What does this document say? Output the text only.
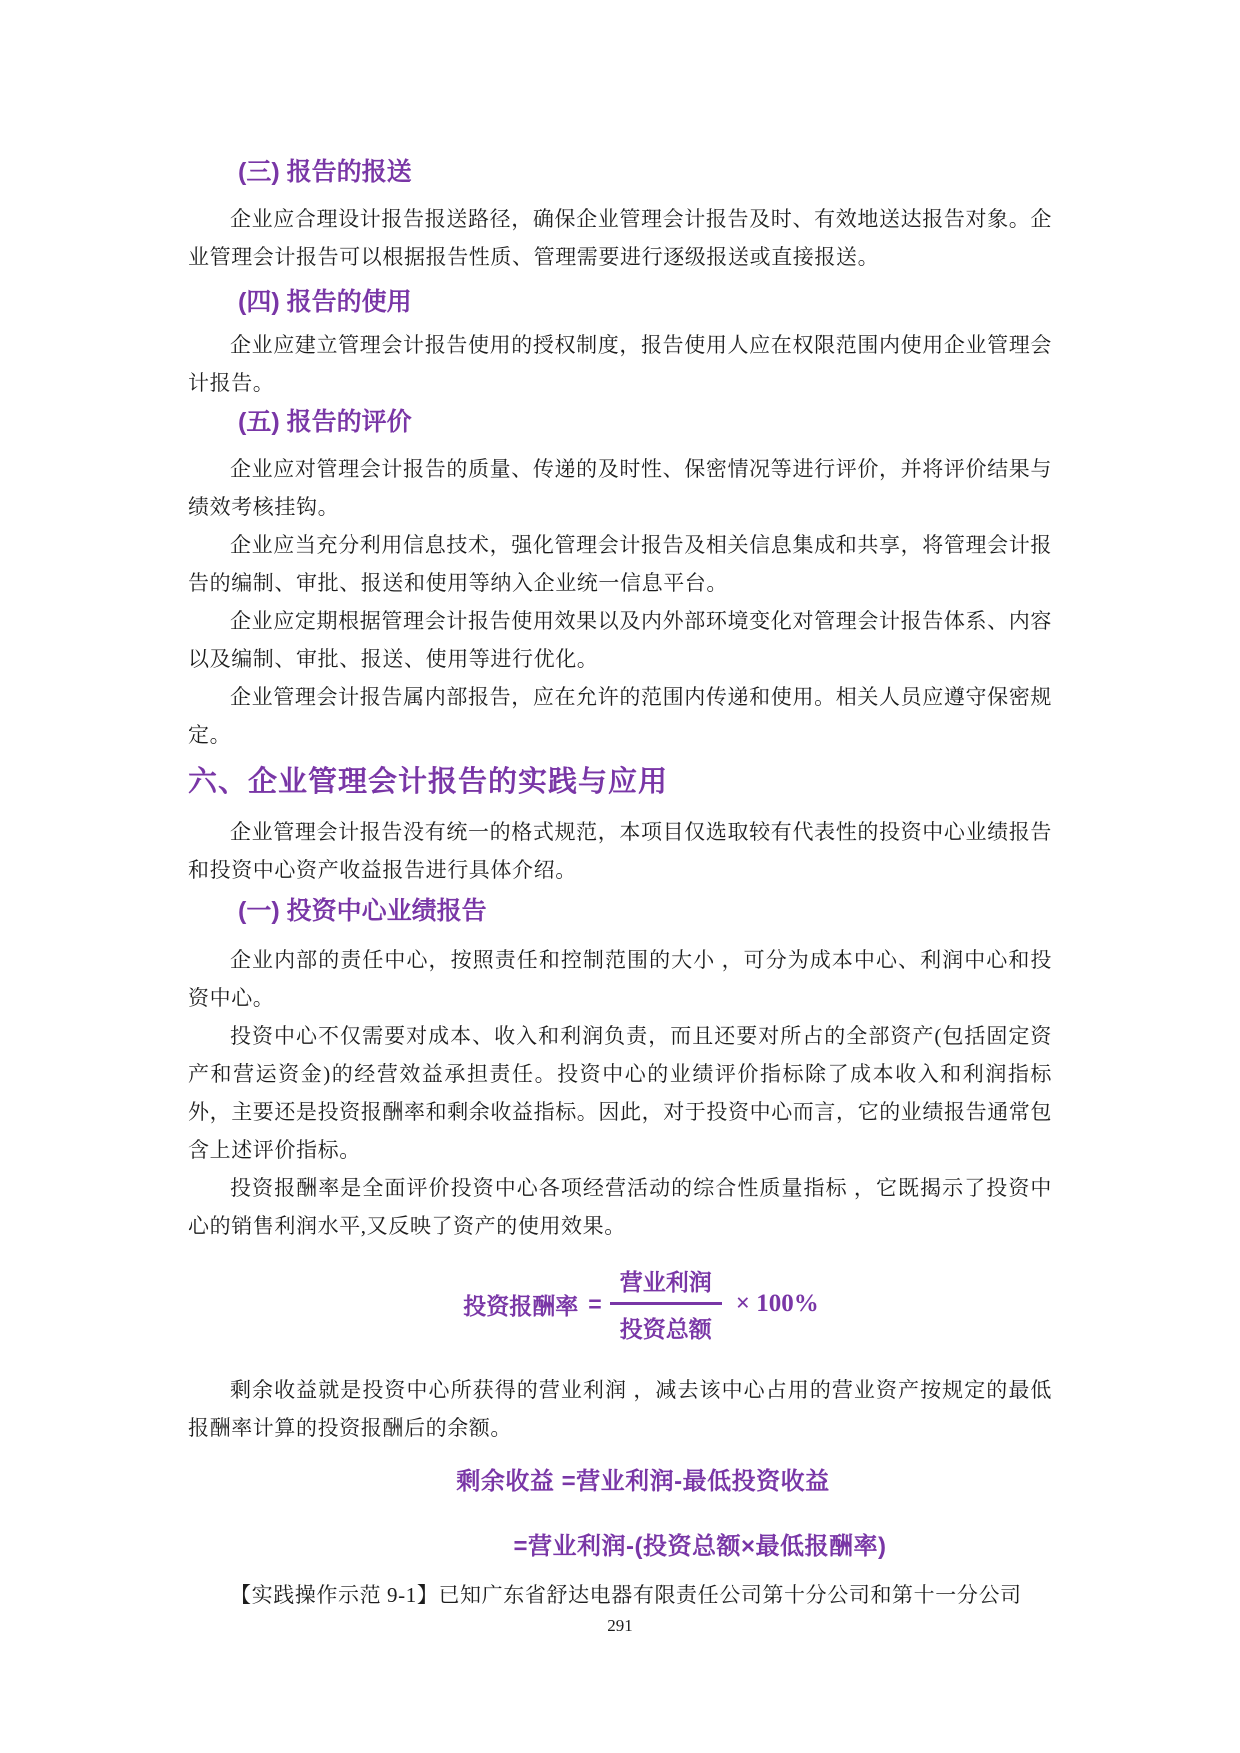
(三) 报告的报送

企业应合理设计报告报送路径，确保企业管理会计报告及时、有效地送达报告对象。企业管理会计报告可以根据报告性质、管理需要进行逐级报送或直接报送。

(四) 报告的使用

企业应建立管理会计报告使用的授权制度，报告使用人应在权限范围内使用企业管理会计报告。

(五) 报告的评价

企业应对管理会计报告的质量、传递的及时性、保密情况等进行评价，并将评价结果与绩效考核挂钩。

企业应当充分利用信息技术，强化管理会计报告及相关信息集成和共享，将管理会计报告的编制、审批、报送和使用等纳入企业统一信息平台。

企业应定期根据管理会计报告使用效果以及内外部环境变化对管理会计报告体系、内容以及编制、审批、报送、使用等进行优化。

企业管理会计报告属内部报告，应在允许的范围内传递和使用。相关人员应遵守保密规定。

六、企业管理会计报告的实践与应用

企业管理会计报告没有统一的格式规范，本项目仅选取较有代表性的投资中心业绩报告和投资中心资产收益报告进行具体介绍。

(一) 投资中心业绩报告

企业内部的责任中心，按照责任和控制范围的大小 ，可分为成本中心、利润中心和投资中心。

投资中心不仅需要对成本、收入和利润负责，而且还要对所占的全部资产(包括固定资产和营运资金)的经营效益承担责任。投资中心的业绩评价指标除了成本收入和利润指标外，主要还是投资报酬率和剩余收益指标。因此，对于投资中心而言，它的业绩报告通常包含上述评价指标。

投资报酬率是全面评价投资中心各项经营活动的综合性质量指标 ，它既揭示了投资中心的销售利润水平,又反映了资产的使用效果。

投资报酬率 = $\frac{\text{营业利润}}{\text{投资总额}} \times 100\%$

剩余收益就是投资中心所获得的营业利润 ，减去该中心占用的营业资产按规定的最低报酬率计算的投资报酬后的余额。

剩余收益 =营业利润-最低投资收益
=营业利润-(投资总额×最低报酬率)

【实践操作示范 9-1】已知广东省舒达电器有限责任公司第十分公司和第十一分公司

291
